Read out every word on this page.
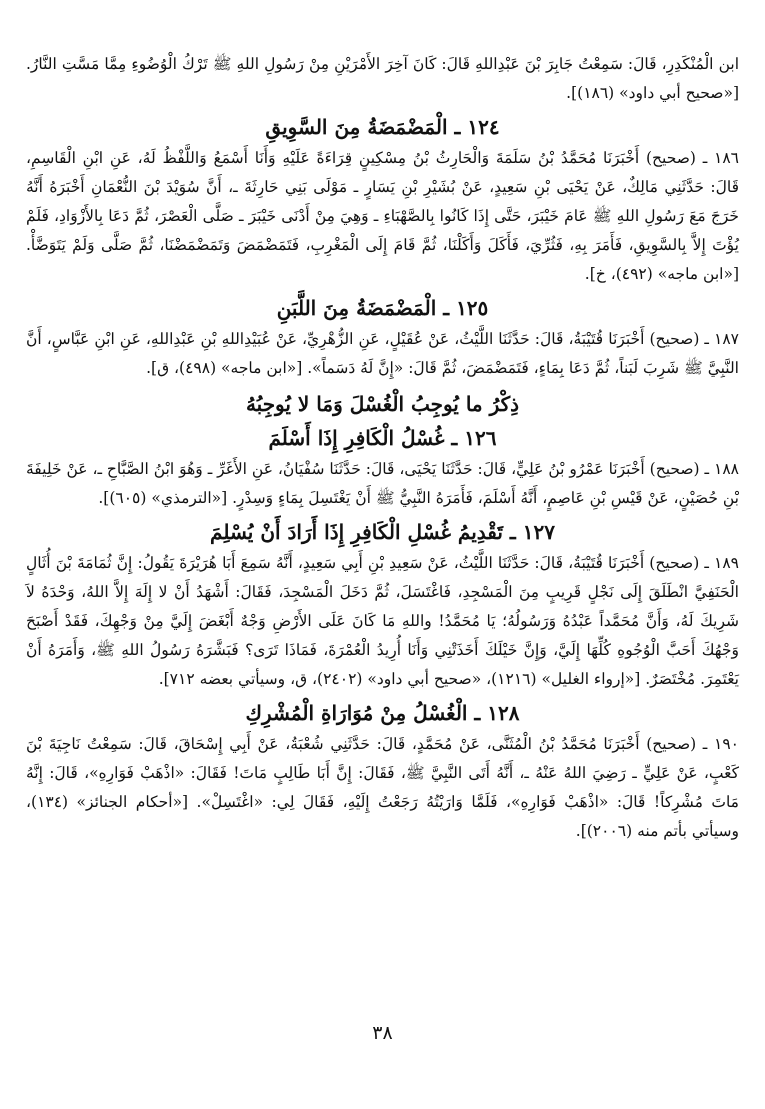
ابن الْمُنْكَدِرِ، قَالَ: سَمِعْتُ جَابِرَ بْنَ عَبْدِاللهِ قَالَ: كَانَ آخِرَ الأَمْرَيْنِ مِنْ رَسُولِ اللهِ ﷺ تَرْكُ الْوُضُوءِ مِمَّا مَسَّتِ النَّارُ. [«صحيح أبي داود» (١٨٦)].

١٢٤ ـ الْمَضْمَضَةُ مِنَ السَّوِيقِ

١٨٦ ـ (صحيح) أَخْبَرَنَا مُحَمَّدُ بْنُ سَلَمَةَ وَالْحَارِثُ بْنُ مِسْكِينٍ قِرَاءَةً عَلَيْهِ وَأَنَا أَسْمَعُ وَاللَّفْظُ لَهُ، عَنِ ابْنِ الْقَاسِمِ، قَالَ: حَدَّثَنِي مَالِكٌ، عَنْ يَحْيَى بْنِ سَعِيدٍ، عَنْ بُشَيْرِ بْنِ يَسَارٍ ـ مَوْلَى بَنِي حَارِثَةَ ـ، أَنَّ سُوَيْدَ بْنَ النُّعْمَانِ أَخْبَرَهُ أَنَّهُ خَرَجَ مَعَ رَسُولِ اللهِ ﷺ عَامَ خَيْبَرَ، حَتَّى إِذَا كَانُوا بِالصَّهْبَاءِ ـ وَهِيَ مِنْ أَدْنَى خَيْبَرَ ـ صَلَّى الْعَصْرَ، ثُمَّ دَعَا بِالأَزْوَادِ، فَلَمْ يُؤْتَ إِلاَّ بِالسَّوِيقِ، فَأَمَرَ بِهِ، فَثُرِّيَ، فَأَكَلَ وَأَكَلْنَا، ثُمَّ قَامَ إِلَى الْمَغْرِبِ، فَتَمَضْمَضَ وَتَمَضْمَضْنَا، ثُمَّ صَلَّى وَلَمْ يَتَوَضَّأْ. [«ابن ماجه» (٤٩٢)، خ].

١٢٥ ـ الْمَضْمَضَةُ مِنَ اللَّبَنِ

١٨٧ ـ (صحيح) أَخْبَرَنَا قُتَيْبَةُ، قَالَ: حَدَّثَنَا اللَّيْثُ، عَنْ عُقَيْلٍ، عَنِ الزُّهْرِيِّ، عَنْ عُبَيْدِاللهِ بْنِ عَبْدِاللهِ، عَنِ ابْنِ عَبَّاسٍ، أَنَّ النَّبِيَّ ﷺ شَرِبَ لَبَناً، ثُمَّ دَعَا بِمَاءٍ، فَتَمَضْمَضَ، ثُمَّ قَالَ: «إِنَّ لَهُ دَسَماً». [«ابن ماجه» (٤٩٨)، ق].

ذِكْرُ ما يُوجِبُ الْغُسْلَ وَمَا لا يُوجِبُهُ
١٢٦ ـ غُسْلُ الْكَافِرِ إِذَا أَسْلَمَ

١٨٨ ـ (صحيح) أَخْبَرَنَا عَمْرُو بْنُ عَلِيٍّ، قَالَ: حَدَّثَنَا يَحْيَى، قَالَ: حَدَّثَنَا سُفْيَانُ، عَنِ الأَغَرِّ ـ وَهُوَ ابْنُ الصَّبَّاحِ ـ، عَنْ خَلِيفَةَ بْنِ حُصَيْنٍ، عَنْ قَيْسِ بْنِ عَاصِمٍ، أَنَّهُ أَسْلَمَ، فَأَمَرَهُ النَّبِيُّ ﷺ أَنْ يَغْتَسِلَ بِمَاءٍ وَسِدْرٍ. [«الترمذي» (٦٠٥)].

١٢٧ ـ تَقْدِيمُ غُسْلِ الْكَافِرِ إِذَا أَرَادَ أَنْ يُسْلِمَ

١٨٩ ـ (صحيح) أَخْبَرَنَا قُتَيْبَةُ، قَالَ: حَدَّثَنَا اللَّيْثُ، عَنْ سَعِيدِ بْنِ أَبِي سَعِيدٍ، أَنَّهُ سَمِعَ أَبَا هُرَيْرَةَ يَقُولُ: إِنَّ ثُمَامَةَ بْنَ أُثَالٍ الْحَنَفِيَّ انْطَلَقَ إِلَى نَجْلٍ قَرِيبٍ مِنَ الْمَسْجِدِ، فَاغْتَسَلَ، ثُمَّ دَخَلَ الْمَسْجِدَ، فَقَالَ: أَشْهَدُ أَنْ لا إِلَهَ إِلاَّ اللهُ، وَحْدَهُ لاَ شَرِيكَ لَهُ، وَأَنَّ مُحَمَّداً عَبْدُهُ وَرَسُولُهُ؛ يَا مُحَمَّدُ! واللهِ مَا كَانَ عَلَى الأَرْضِ وَجْهٌ أَبْغَضَ إِلَيَّ مِنْ وَجْهِكَ، فَقَدْ أَصْبَحَ وَجْهُكَ أَحَبَّ الْوُجُوهِ كُلِّهَا إِلَيَّ، وَإِنَّ خَيْلَكَ أَخَذَتْنِي وَأَنَا أُرِيدُ الْعُمْرَةَ، فَمَاذَا تَرَى؟ فَبَشَّرَهُ رَسُولُ اللهِ ﷺ، وَأَمَرَهُ أَنْ يَعْتَمِرَ. مُخْتَصَرٌ. [«إرواء الغليل» (١٢١٦)، «صحيح أبي داود» (٢٤٠٢)، ق، وسيأتي بعضه ٧١٢].

١٢٨ ـ الْغُسْلُ مِنْ مُوَارَاةِ الْمُشْرِكِ

١٩٠ ـ (صحيح) أَخْبَرَنَا مُحَمَّدُ بْنُ الْمُثَنَّى، عَنْ مُحَمَّدٍ، قَالَ: حَدَّثَنِي شُعْبَةُ، عَنْ أَبِي إِسْحَاقَ، قَالَ: سَمِعْتُ نَاجِيَةَ بْنَ كَعْبٍ، عَنْ عَلِيٍّ ـ رَضِيَ اللهُ عَنْهُ ـ، أَنَّهُ أَتَى النَّبِيَّ ﷺ، فَقَالَ: إِنَّ أَبَا طَالِبٍ مَاتَ! فَقَالَ: «اذْهَبْ فَوَارِهِ»، قَالَ: إِنَّهُ مَاتَ مُشْرِكاً! قَالَ: «اذْهَبْ فَوَارِهِ»، فَلَمَّا وَارَيْتُهُ رَجَعْتُ إِلَيْهِ، فَقَالَ لِي: «اغْتَسِلْ». [«أحكام الجنائز» (١٣٤)، وسيأتي بأتم منه (٢٠٠٦)].

٣٨
